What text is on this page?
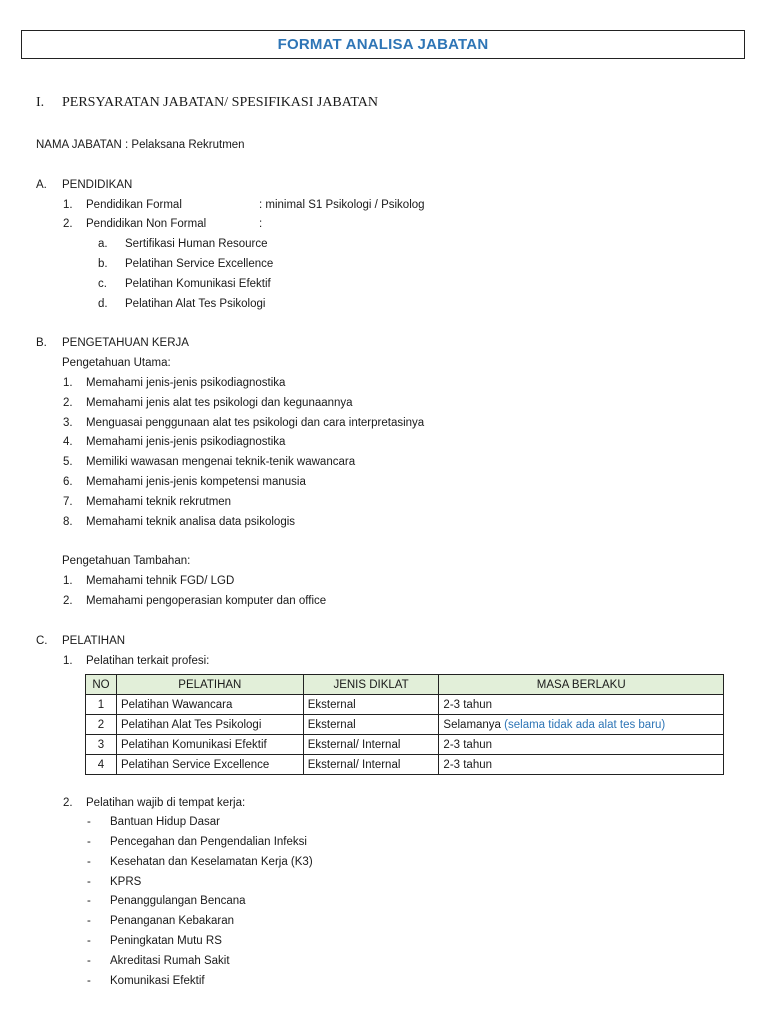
FORMAT ANALISA JABATAN
I. PERSYARATAN JABATAN/ SPESIFIKASI JABATAN
NAMA JABATAN : Pelaksana Rekrutmen
A. PENDIDIKAN
1. Pendidikan Formal	: minimal S1 Psikologi / Psikolog
2. Pendidikan Non Formal	:
a. Sertifikasi Human Resource
b. Pelatihan Service Excellence
c. Pelatihan Komunikasi Efektif
d. Pelatihan Alat Tes Psikologi
B. PENGETAHUAN KERJA
Pengetahuan Utama:
1. Memahami jenis-jenis psikodiagnostika
2. Memahami jenis alat tes psikologi dan kegunaannya
3. Menguasai penggunaan alat tes psikologi dan cara interpretasinya
4. Memahami jenis-jenis psikodiagnostika
5. Memiliki wawasan mengenai teknik-tenik wawancara
6. Memahami jenis-jenis kompetensi manusia
7. Memahami teknik rekrutmen
8. Memahami teknik analisa data psikologis
Pengetahuan Tambahan:
1. Memahami tehnik FGD/ LGD
2. Memahami pengoperasian komputer dan office
C. PELATIHAN
1. Pelatihan terkait profesi:
NO	PELATIHAN	JENIS DIKLAT	MASA BERLAKU
1	Pelatihan Wawancara	Eksternal	2-3 tahun
2	Pelatihan Alat Tes Psikologi	Eksternal	Selamanya (selama tidak ada alat tes baru)
3	Pelatihan Komunikasi Efektif	Eksternal/ Internal	2-3 tahun
4	Pelatihan Service Excellence	Eksternal/ Internal	2-3 tahun
2. Pelatihan wajib di tempat kerja:
- Bantuan Hidup Dasar
- Pencegahan dan Pengendalian Infeksi
- Kesehatan dan Keselamatan Kerja (K3)
- KPRS
- Penanggulangan Bencana
- Penanganan Kebakaran
- Peningkatan Mutu RS
- Akreditasi Rumah Sakit
- Komunikasi Efektif
